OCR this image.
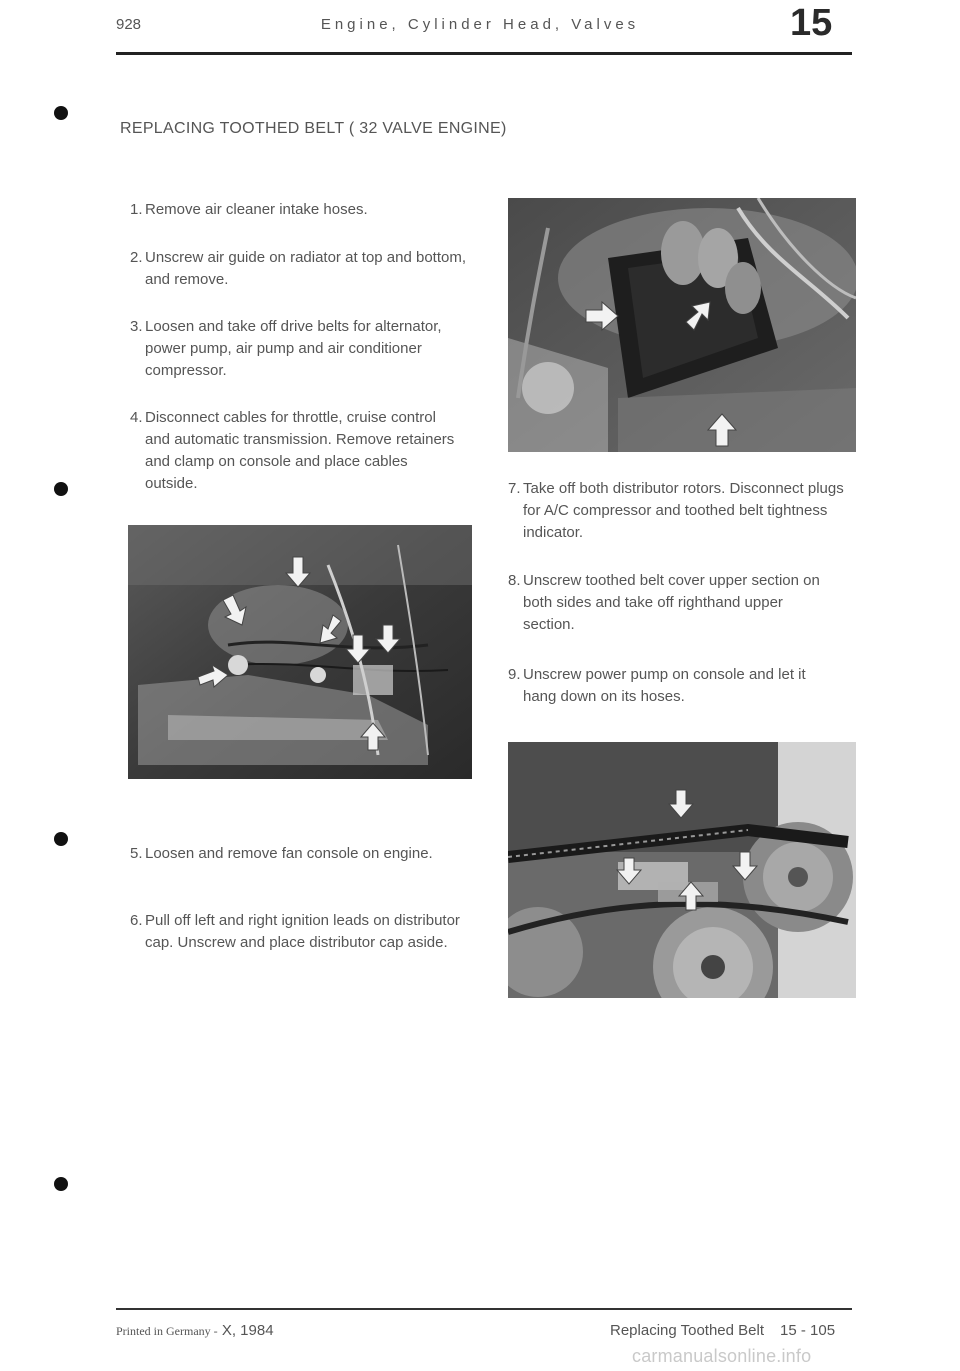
928	Engine, Cylinder Head, Valves	15
REPLACING TOOTHED BELT ( 32 VALVE ENGINE)
1. Remove air cleaner intake hoses.
2. Unscrew air guide on radiator at top and bottom, and remove.
3. Loosen and take off drive belts for alternator, power pump, air pump and air conditioner compressor.
4. Disconnect cables for throttle, cruise control and automatic transmission. Remove retainers and clamp on console and place cables outside.
5. Loosen and remove fan console on engine.
6. Pull off left and right ignition leads on distributor cap. Unscrew and place distributor cap aside.
7. Take off both distributor rotors. Disconnect plugs for A/C compressor and toothed belt tightness indicator.
8. Unscrew toothed belt cover upper section on both sides and take off righthand upper section.
9. Unscrew power pump on console and let it hang down on its hoses.
Printed in Germany - X, 1984	Replacing Toothed Belt 15 - 105
carmanualsonline.info
